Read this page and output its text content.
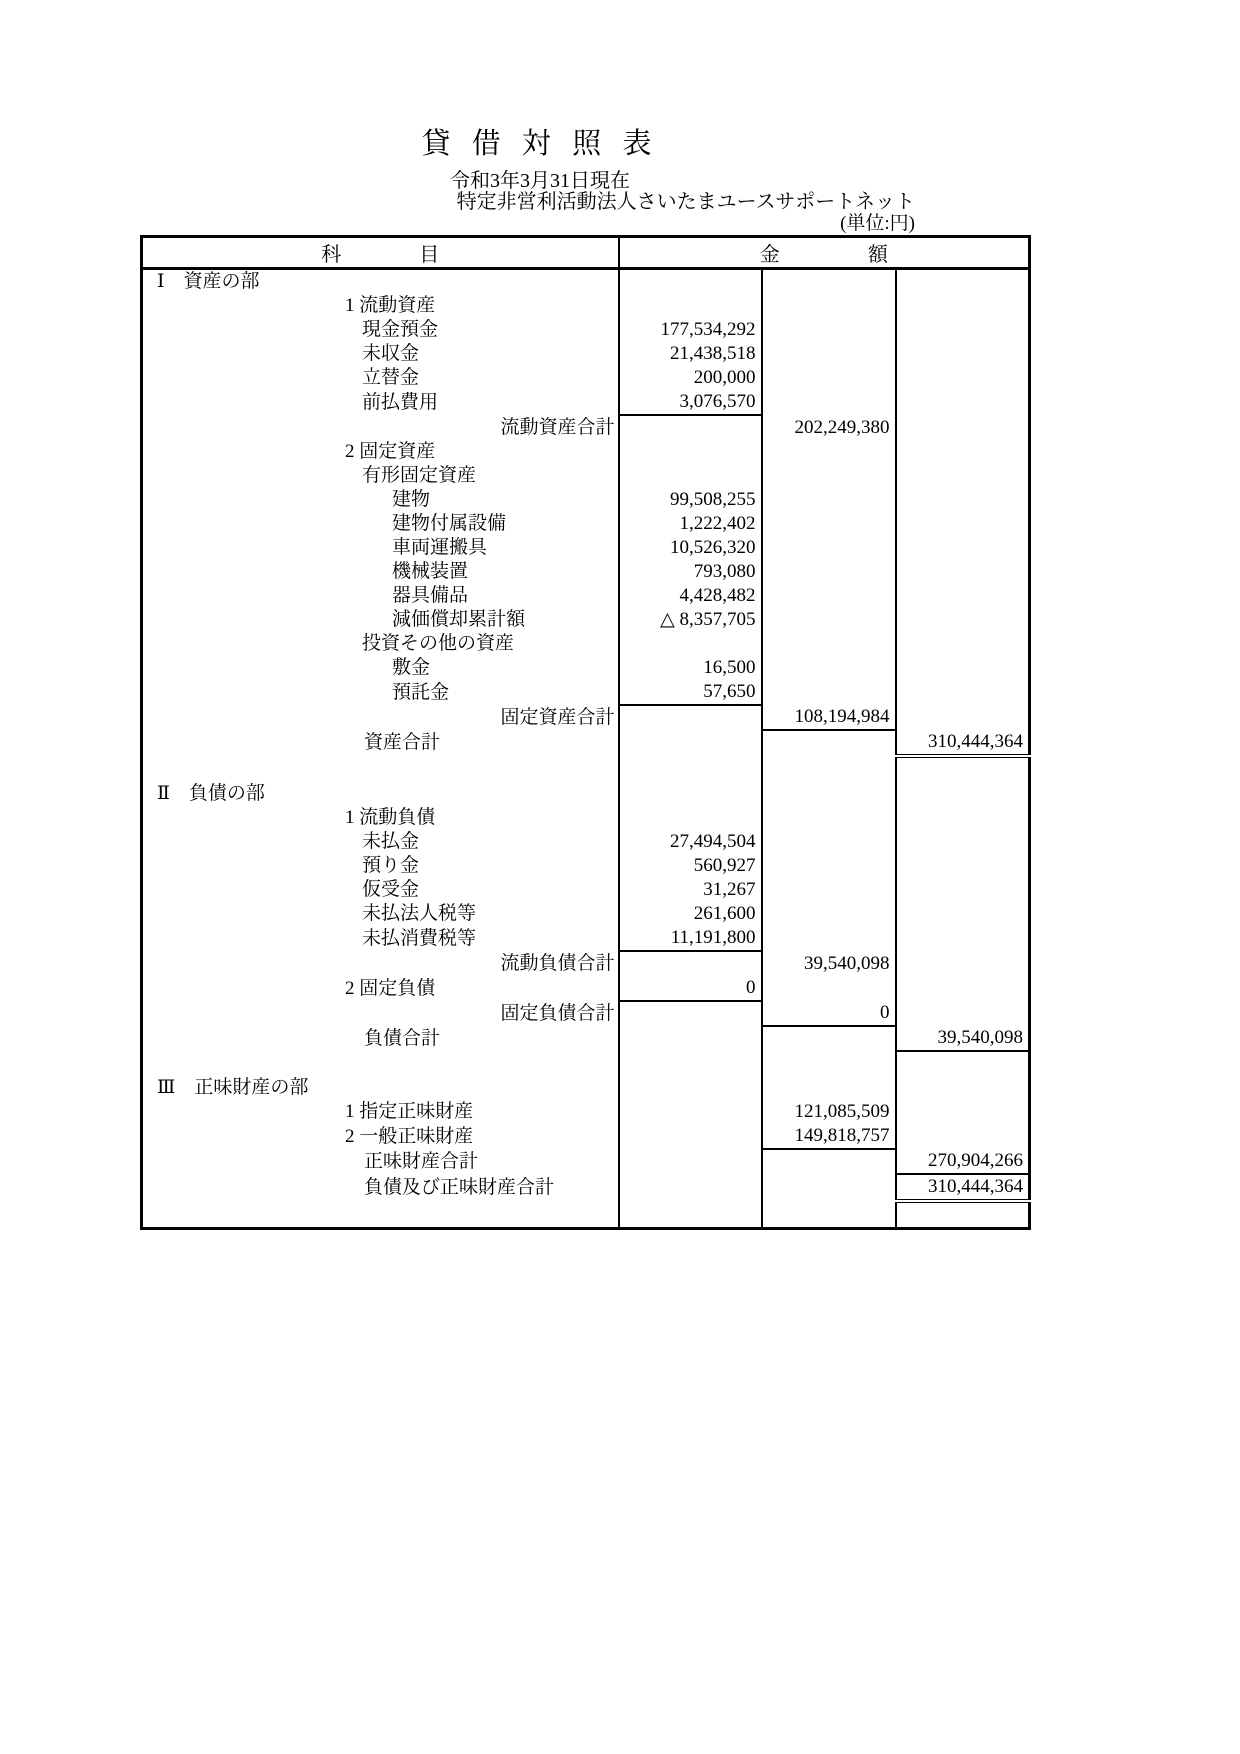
貸 借 対 照 表
令和3年3月31日現在
特定非営利活動法人さいたまユースサポートネット
(単位:円)
科 目	金 額		

Ⅰ　資産の部			
1 流動資産			
現金預金	177,534,292		
未収金	21,438,518		
立替金	200,000		
前払費用	3,076,570		
流動資産合計		202,249,380	
2 固定資産			
有形固定資産			
建物	99,508,255		
建物付属設備	1,222,402		
車両運搬具	10,526,320		
機械装置	793,080		
器具備品	4,428,482		
減価償却累計額	△ 8,357,705		
投資その他の資産			
敷金	16,500		
預託金	57,650		
固定資産合計		108,194,984	
資産合計			310,444,364

Ⅱ　負債の部			
1 流動負債			
未払金	27,494,504		
預り金	560,927		
仮受金	31,267		
未払法人税等	261,600		
未払消費税等	11,191,800		
流動負債合計		39,540,098	
2 固定負債	0		
固定負債合計		0	
負債合計			39,540,098

Ⅲ　正味財産の部			
1 指定正味財産		121,085,509	
2 一般正味財産		149,818,757	
正味財産合計			270,904,266
負債及び正味財産合計			310,444,364
